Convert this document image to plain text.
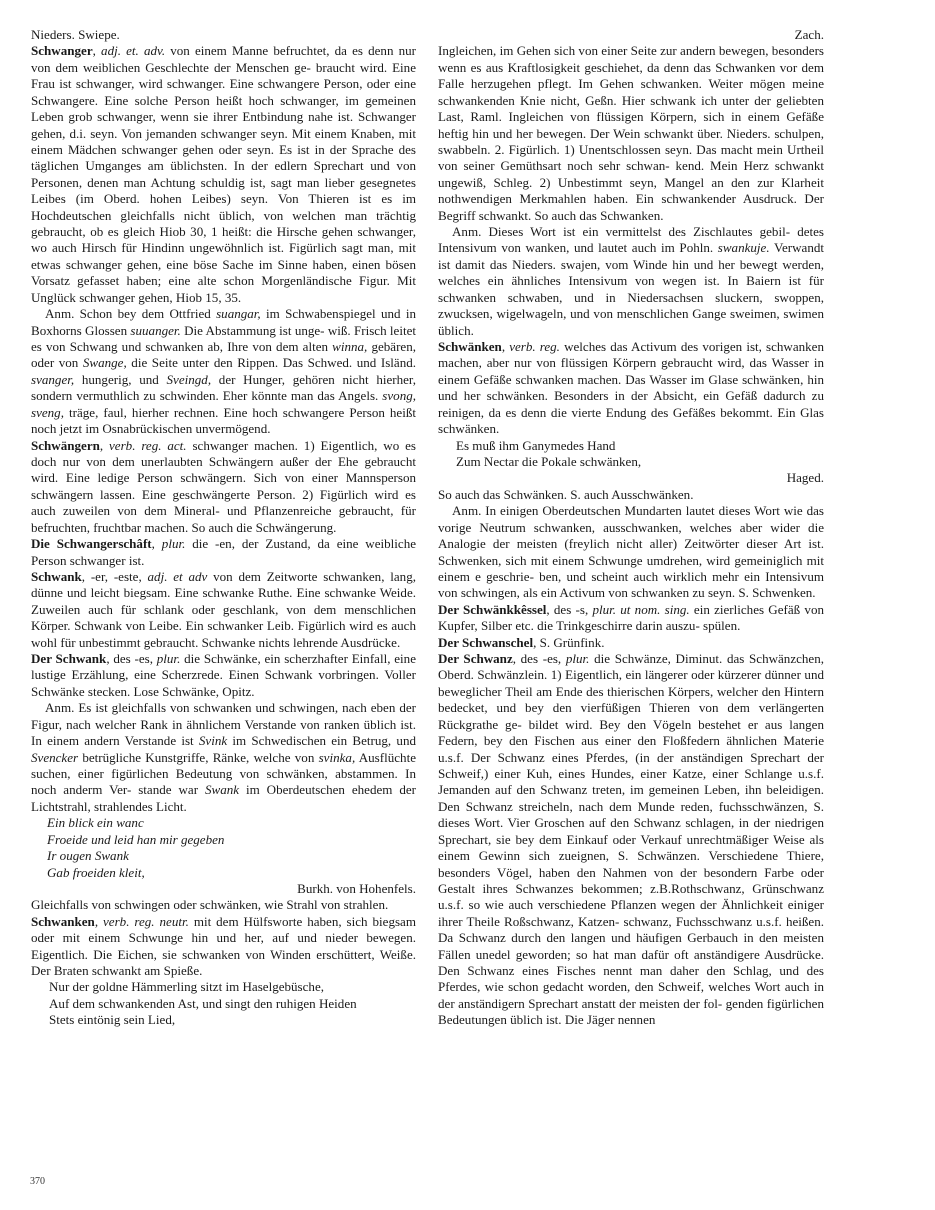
Nieders. Swiepe.

Schwanger, adj. et. adv. von einem Manne befruchtet, da es denn nur von dem weiblichen Geschlechte der Menschen ge- braucht wird. Eine Frau ist schwanger, wird schwanger. Eine schwangere Person, oder eine Schwangere. Eine solche Person heißt hoch schwanger, im gemeinen Leben grob schwanger, wenn sie ihrer Entbindung nahe ist. Schwanger gehen, d.i. seyn. Von jemanden schwanger seyn. Mit einem Knaben, mit einem Mädchen schwanger gehen oder seyn. Es ist in der Sprache des täglichen Umganges am üblichsten. In der edlern Sprechart und von Personen, denen man Achtung schuldig ist, sagt man lieber gesegnetes Leibes (im Oberd. hohen Leibes) seyn. Von Thieren ist es im Hochdeutschen gleichfalls nicht üblich, von welchen man trächtig gebraucht, ob es gleich Hiob 30, 1 heißt: die Hirsche gehen schwanger, wo auch Hirsch für Hindinn ungewöhnlich ist. Figürlich sagt man, mit etwas schwanger gehen, eine böse Sache im Sinne haben, einen bösen Vorsatz gefasset haben; eine alte schon Morgenländische Figur. Mit Unglück schwanger gehen, Hiob 15, 35.

Anm. Schon bey dem Ottfried suangar, im Schwabenspiegel und in Boxhorns Glossen suuanger. Die Abstammung ist unge- wiß. Frisch leitet es von Schwang und schwanken ab, Ihre von dem alten winna, gebären, oder von Swange, die Seite unter den Rippen. Das Schwed. und Isländ. svanger, hungerig, und Sveingd, der Hunger, gehören nicht hierher, sondern vermuthlich zu schwinden. Eher könnte man das Angels. svong, sveng, träge, faul, hierher rechnen. Eine hoch schwangere Person heißt noch jetzt im Osnabrückischen unvermögend.

Schwängern, verb. reg. act. schwanger machen. 1) Eigentlich, wo es doch nur von dem unerlaubten Schwängern außer der Ehe gebraucht wird. Eine ledige Person schwängern. Sich von einer Mannsperson schwängern lassen. Eine geschwängerte Person. 2) Figürlich wird es auch zuweilen von dem Mineral- und Pflanzenreiche gebraucht, für befruchten, fruchtbar machen. So auch die Schwängerung.

Die Schwangerschâft, plur. die -en, der Zustand, da eine weibliche Person schwanger ist.

Schwank, -er, -este, adj. et adv von dem Zeitworte schwanken, lang, dünne und leicht biegsam. Eine schwanke Ruthe. Eine schwanke Weide. Zuweilen auch für schlank oder geschlank, von dem menschlichen Körper. Schwank von Leibe. Ein schwanker Leib. Figürlich wird es auch wohl für unbestimmt gebraucht. Schwanke nichts lehrende Ausdrücke.

Der Schwank, des -es, plur. die Schwänke, ein scherzhafter Einfall, eine lustige Erzählung, eine Scherzrede. Einen Schwank vorbringen. Voller Schwänke stecken. Lose Schwänke, Opitz.

Anm. Es ist gleichfalls von schwanken und schwingen, nach eben der Figur, nach welcher Rank in ähnlichem Verstande von ranken üblich ist. In einem andern Verstande ist Svink im Schwedischen ein Betrug, und Svencker betrügliche Kunstgriffe, Ränke, welche von svinka, Ausflüchte suchen, einer figürlichen Bedeutung von schwänken, abstammen. In noch anderm Ver- stande war Swank im Oberdeutschen ehedem der Lichtstrahl, strahlendes Licht.

Ein blick ein wanc
Froeide und leid han mir gegeben
Ir ougen Swank
Gab froeiden kleit,
Burkh. von Hohenfels.

Gleichfalls von schwingen oder schwänken, wie Strahl von strahlen.

Schwanken, verb. reg. neutr. mit dem Hülfsworte haben, sich biegsam oder mit einem Schwunge hin und her, auf und nieder bewegen. Eigentlich. Die Eichen, sie schwanken von Winden erschüttert, Weiße. Der Braten schwankt am Spieße.

Nur der goldne Hämmerling sitzt im Haselgebüsche,
Auf dem schwankenden Ast, und singt den ruhigen Heiden
Stets eintönig sein Lied,
Zach.

Ingleichen, im Gehen sich von einer Seite zur andern bewegen, besonders wenn es aus Kraftlosigkeit geschiehet, da denn das Schwanken vor dem Falle herzugehen pflegt. Im Gehen schwanken. Weiter mögen meine schwankenden Knie nicht, Geßn. Hier schwank ich unter der geliebten Last, Raml. Ingleichen von flüssigen Körpern, sich in einem Gefäße heftig hin und her bewegen. Der Wein schwankt über. Nieders. schulpen, swabbeln. 2. Figürlich. 1) Unentschlossen seyn. Das macht mein Urtheil von seiner Gemüthsart noch sehr schwan- kend. Mein Herz schwankt ungewiß, Schleg. 2) Unbestimmt seyn, Mangel an den zur Klarheit nothwendigen Merkmahlen haben. Ein schwankender Ausdruck. Der Begriff schwankt. So auch das Schwanken.

Anm. Dieses Wort ist ein vermittelst des Zischlautes gebil- detes Intensivum von wanken, und lautet auch im Pohln. swankuje. Verwandt ist damit das Nieders. swajen, vom Winde hin und her bewegt werden, welches ein ähnliches Intensivum von wegen ist. In Baiern ist für schwanken schwaben, und in Niedersachsen sluckern, swoppen, zwucksen, wigelwageln, und von menschlichen Gange sweimen, swimen üblich.

Schwänken, verb. reg. welches das Activum des vorigen ist, schwanken machen, aber nur von flüssigen Körpern gebraucht wird, das Wasser in einem Gefäße schwanken machen. Das Wasser im Glase schwänken, hin und her schwänken. Besonders in der Absicht, ein Gefäß dadurch zu reinigen, da es denn die vierte Endung des Gefäßes bekommt. Ein Glas schwänken.

Es muß ihm Ganymedes Hand
Zum Nectar die Pokale schwänken,
Haged.

So auch das Schwänken. S. auch Ausschwänken.

Anm. In einigen Oberdeutschen Mundarten lautet dieses Wort wie das vorige Neutrum schwanken, ausschwanken, welches aber wider die Analogie der meisten (freylich nicht aller) Zeitwörter dieser Art ist. Schwenken, sich mit einem Schwunge umdrehen, wird gemeiniglich mit einem e geschrie- ben, und scheint auch wirklich mehr ein Intensivum von schwingen, als ein Activum von schwanken zu seyn. S. Schwenken.

Der Schwänkkêssel, des -s, plur. ut nom. sing. ein zierliches Gefäß von Kupfer, Silber etc. die Trinkgeschirre darin auszu- spülen.

Der Schwanschel, S. Grünfink.

Der Schwanz, des -es, plur. die Schwänze, Diminut. das Schwänzchen, Oberd. Schwänzlein. 1) Eigentlich, ein längerer oder kürzerer dünner und beweglicher Theil am Ende des thierischen Körpers, welcher den Hintern bedecket, und bey den vierfüßigen Thieren von dem verlängerten Rückgrathe ge- bildet wird. Bey den Vögeln bestehet er aus langen Federn, bey den Fischen aus einer den Floßfedern ähnlichen Materie u.s.f. Der Schwanz eines Pferdes, (in der anständigen Sprechart der Schweif,) einer Kuh, eines Hundes, einer Katze, einer Schlange u.s.f. Jemanden auf den Schwanz treten, im gemeinen Leben, ihn beleidigen. Den Schwanz streicheln, nach dem Munde reden, fuchsschwänzen, S. dieses Wort. Vier Groschen auf den Schwanz schlagen, in der niedrigen Sprechart, sie bey dem Einkauf oder Verkauf unrechtmäßiger Weise als einem Gewinn sich zueignen, S. Schwänzen. Verschiedene Thiere, besonders Vögel, haben den Nahmen von der besondern Farbe oder Gestalt ihres Schwanzes bekommen; z.B.Rothschwanz, Grünschwanz u.s.f. so wie auch verschiedene Pflanzen wegen der Ähnlichkeit einiger ihrer Theile Roßschwanz, Katzen- schwanz, Fuchsschwanz u.s.f. heißen. Da Schwanz durch den langen und häufigen Gerbauch in den meisten Fällen unedel geworden; so hat man dafür oft anständigere Ausdrücke. Den Schwanz eines Fisches nennt man daher den Schlag, und des Pferdes, wie schon gedacht worden, den Schweif, welches Wort auch in der anständigern Sprechart anstatt der meisten der fol- genden figürlichen Bedeutungen üblich ist. Die Jäger nennen

370
